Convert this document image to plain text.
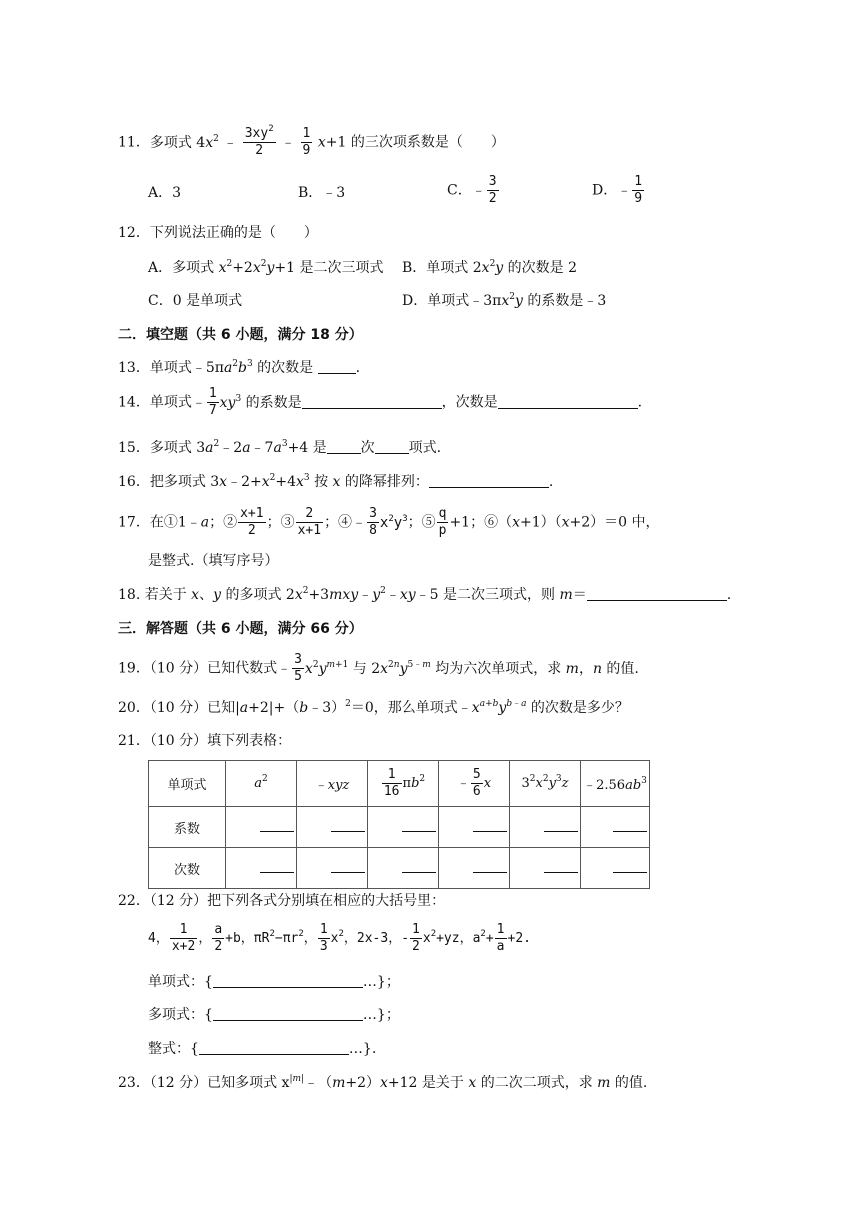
11．多项式 $4x^2$ ﹣ $\frac{3xy^2}{2}$ ﹣ $\frac{1}{9} x+1$ 的三次项系数是（　　）
A．3	B．﹣3	C．﹣ $\frac{3}{2}$	D．﹣ $\frac{1}{9}$
12．下列说法正确的是（　　）
A．多项式 $x^2+2x^2y+1$ 是二次三项式 B．单项式 $2x^2y$ 的次数是 2
C．0 是单项式	D．单项式$﹣3\pi x^2y$ 的系数是﹣3
二．填空题（共 6 小题，满分 18 分）
13．单项式$﹣5\pi a^2b^3$ 的次数是	.
14．单项式﹣ $\frac{1}{7} xy^3$ 的系数是	，次数是	.
15．多项式 $3a^2﹣2a﹣7a^3+4$ 是 次 项式.
16．把多项式 $3x﹣2+x^2+4x^3$ 按 x 的降幂排列：	.
17．在①1﹣a；② $\frac{x+1}{2}$ ；③ $\frac{2}{x+1}$ ；④﹣ $\frac{3}{8} x^2y^3$；⑤ $\frac{q}{p} +1$；⑥（x+1）（x+2）＝0 中，
是整式.（填写序号）
18. 若关于 x、y 的多项式 $2x^2+3mxy﹣y^2﹣xy﹣5$ 是二次三项式，则 m＝	.
三．解答题（共 6 小题，满分 66 分）
19．（10 分）已知代数式﹣ $\frac{3}{5} x^2y^{m+1}$ 与 $2x^{2n}y^{5﹣m}$ 均为六次单项式，求 m，n 的值.
20．（10 分）已知|a+2|+（b﹣3）$^2$＝0，那么单项式$﹣x^{a+b}y^{b﹣a}$ 的次数是多少？
21．（10 分）填下列表格：
单项式	$a^2$	﹣xyz	$\frac{1}{16} \pi b^2$	﹣ $\frac{5}{6}$ x	$3^2x^2y^3z$	$﹣2.56ab^3$
系数						
次数						
22．（12 分）把下列各式分别填在相应的大括号里：
4， $\frac{1}{x+2}$ ， $\frac{a}{2} +b$，$\pi R^2-\pi r^2$， $\frac{1}{3} x^2$，2x-3，- $\frac{1}{2} x^2+yz$，$a^2+ \frac{1}{a} +2$.
单项式：{	…}；
多项式：{	…}；
整式：{	…}.
23．（12 分）已知多项式 $x^{|m|}﹣(m+2)x+12$ 是关于 x 的二次二项式，求 m 的值.
